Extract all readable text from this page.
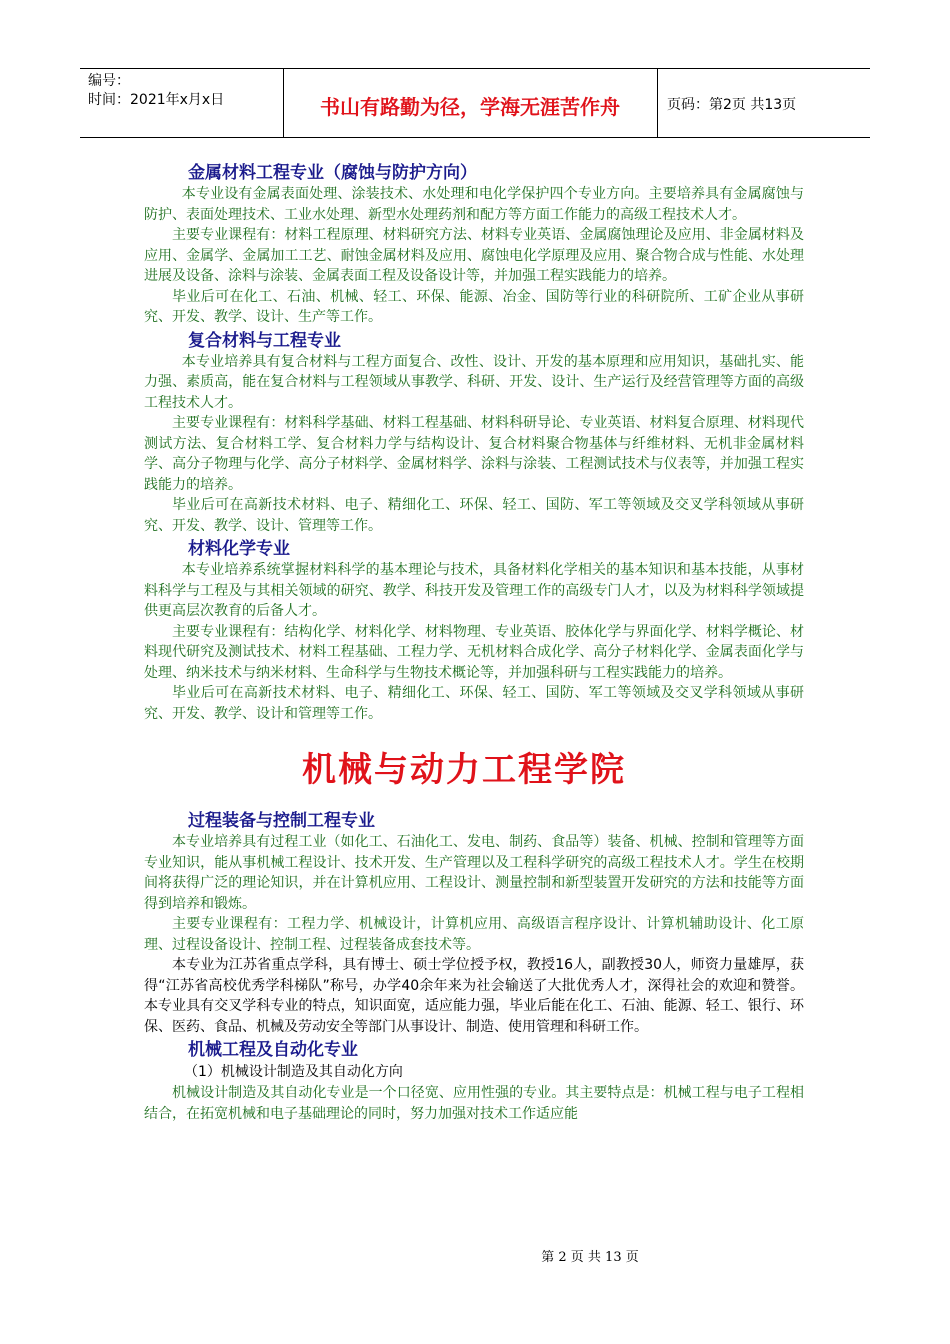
编号：
时间：2021年x月x日	书山有路勤为径，学海无涯苦作舟	页码：第2页 共13页
金属材料工程专业（腐蚀与防护方向）

本专业设有金属表面处理、涂装技术、水处理和电化学保护四个专业方向。主要培养具有金属腐蚀与防护、表面处理技术、工业水处理、新型水处理药剂和配方等方面工作能力的高级工程技术人才。

主要专业课程有：材料工程原理、材料研究方法、材料专业英语、金属腐蚀理论及应用、非金属材料及应用、金属学、金属加工工艺、耐蚀金属材料及应用、腐蚀电化学原理及应用、聚合物合成与性能、水处理进展及设备、涂料与涂装、金属表面工程及设备设计等，并加强工程实践能力的培养。

毕业后可在化工、石油、机械、轻工、环保、能源、冶金、国防等行业的科研院所、工矿企业从事研究、开发、教学、设计、生产等工作。

复合材料与工程专业

本专业培养具有复合材料与工程方面复合、改性、设计、开发的基本原理和应用知识，基础扎实、能力强、素质高，能在复合材料与工程领域从事教学、科研、开发、设计、生产运行及经营管理等方面的高级工程技术人才。

主要专业课程有：材料科学基础、材料工程基础、材料科研导论、专业英语、材料复合原理、材料现代测试方法、复合材料工学、复合材料力学与结构设计、复合材料聚合物基体与纤维材料、无机非金属材料学、高分子物理与化学、高分子材料学、金属材料学、涂料与涂装、工程测试技术与仪表等，并加强工程实践能力的培养。

毕业后可在高新技术材料、电子、精细化工、环保、轻工、国防、军工等领域及交叉学科领域从事研究、开发、教学、设计、管理等工作。

材料化学专业

本专业培养系统掌握材料科学的基本理论与技术，具备材料化学相关的基本知识和基本技能，从事材料科学与工程及与其相关领域的研究、教学、科技开发及管理工作的高级专门人才，以及为材料科学领域提供更高层次教育的后备人才。

主要专业课程有：结构化学、材料化学、材料物理、专业英语、胶体化学与界面化学、材料学概论、材料现代研究及测试技术、材料工程基础、工程力学、无机材料合成化学、高分子材料化学、金属表面化学与处理、纳米技术与纳米材料、生命科学与生物技术概论等，并加强科研与工程实践能力的培养。

毕业后可在高新技术材料、电子、精细化工、环保、轻工、国防、军工等领域及交叉学科领域从事研究、开发、教学、设计和管理等工作。

机械与动力工程学院
过程装备与控制工程专业

本专业培养具有过程工业（如化工、石油化工、发电、制药、食品等）装备、机械、控制和管理等方面专业知识，能从事机械工程设计、技术开发、生产管理以及工程科学研究的高级工程技术人才。学生在校期间将获得广泛的理论知识，并在计算机应用、工程设计、测量控制和新型装置开发研究的方法和技能等方面得到培养和锻炼。

主要专业课程有：工程力学、机械设计，计算机应用、高级语言程序设计、计算机辅助设计、化工原理、过程设备设计、控制工程、过程装备成套技术等。

本专业为江苏省重点学科，具有博士、硕士学位授予权，教授16人，副教授30人，师资力量雄厚，获得“江苏省高校优秀学科梯队”称号，办学40余年来为社会输送了大批优秀人才，深得社会的欢迎和赞誉。本专业具有交叉学科专业的特点，知识面宽，适应能力强，毕业后能在化工、石油、能源、轻工、银行、环保、医药、食品、机械及劳动安全等部门从事设计、制造、使用管理和科研工作。

机械工程及自动化专业

（1）机械设计制造及其自动化方向

机械设计制造及其自动化专业是一个口径宽、应用性强的专业。其主要特点是：机械工程与电子工程相结合，在拓宽机械和电子基础理论的同时，努力加强对技术工作适应能

第 2 页 共 13 页
